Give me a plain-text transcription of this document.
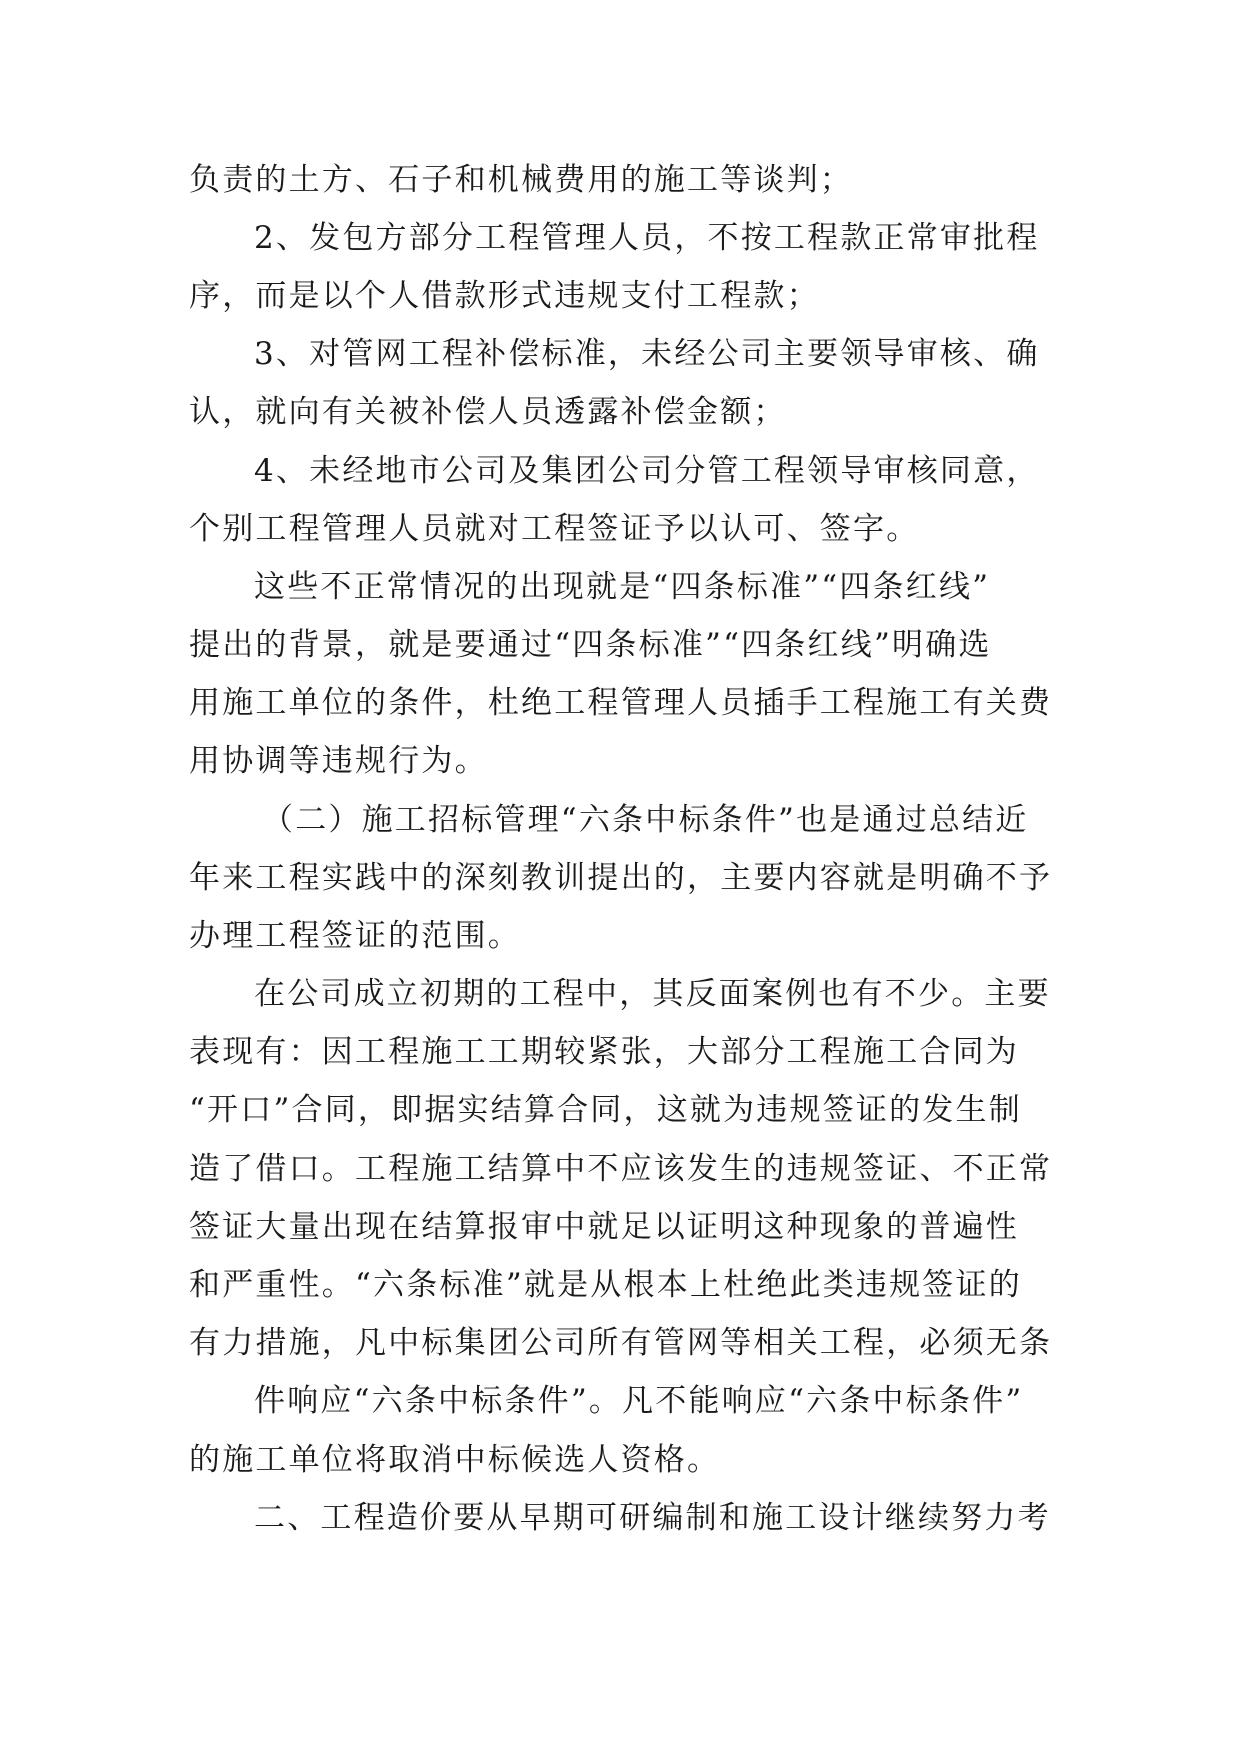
负责的土方、石子和机械费用的施工等谈判；
2、发包方部分工程管理人员，不按工程款正常审批程
序，而是以个人借款形式违规支付工程款；
3、对管网工程补偿标准，未经公司主要领导审核、确
认，就向有关被补偿人员透露补偿金额；
4、未经地市公司及集团公司分管工程领导审核同意，
个别工程管理人员就对工程签证予以认可、签字。
这些不正常情况的出现就是“四条标准”“四条红线”
提出的背景，就是要通过“四条标准”“四条红线”明确选
用施工单位的条件，杜绝工程管理人员插手工程施工有关费
用协调等违规行为。
（二）施工招标管理“六条中标条件”也是通过总结近
年来工程实践中的深刻教训提出的，主要内容就是明确不予
办理工程签证的范围。
在公司成立初期的工程中，其反面案例也有不少。主要
表现有：因工程施工工期较紧张，大部分工程施工合同为
“开口”合同，即据实结算合同，这就为违规签证的发生制
造了借口。工程施工结算中不应该发生的违规签证、不正常
签证大量出现在结算报审中就足以证明这种现象的普遍性
和严重性。“六条标准”就是从根本上杜绝此类违规签证的
有力措施，凡中标集团公司所有管网等相关工程，必须无条
件响应“六条中标条件”。凡不能响应“六条中标条件”
的施工单位将取消中标候选人资格。
二、工程造价要从早期可研编制和施工设计继续努力考
